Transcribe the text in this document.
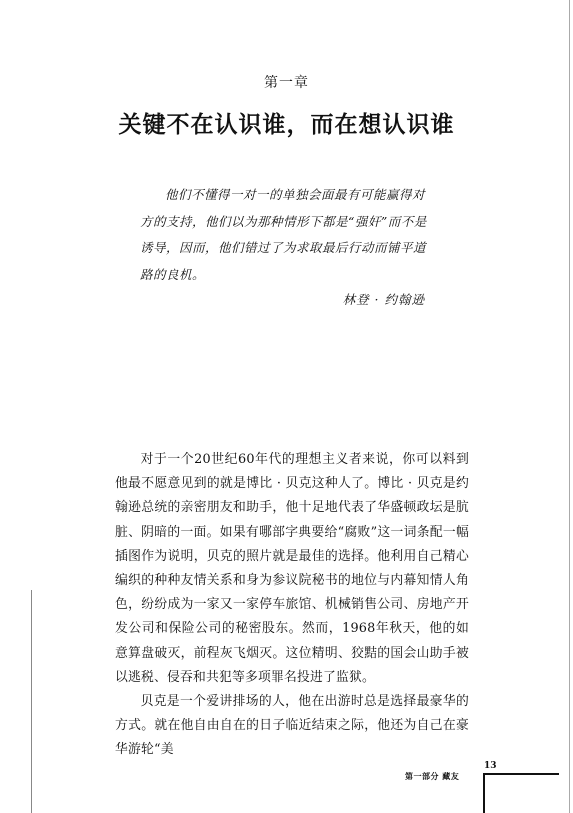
第一章
关键不在认识谁，而在想认识谁

他们不懂得一对一的单独会面最有可能赢得对方的支持，他们以为那种情形下都是“强奸”而不是诱导，因而，他们错过了为求取最后行动而铺平道路的良机。

林登 · 约翰逊

对于一个20世纪60年代的理想主义者来说，你可以料到他最不愿意见到的就是博比 · 贝克这种人了。博比 · 贝克是约翰逊总统的亲密朋友和助手，他十足地代表了华盛顿政坛是肮脏、阴暗的一面。如果有哪部字典要给“腐败”这一词条配一幅插图作为说明，贝克的照片就是最佳的选择。他利用自己精心编织的种种友情关系和身为参议院秘书的地位与内幕知情人角色，纷纷成为一家又一家停车旅馆、机械销售公司、房地产开发公司和保险公司的秘密股东。然而，1968年秋天，他的如意算盘破灭，前程灰飞烟灭。这位精明、狡黠的国会山助手被以逃税、侵吞和共犯等多项罪名投进了监狱。

贝克是一个爱讲排场的人，他在出游时总是选择最豪华的方式。就在他自由自在的日子临近结束之际，他还为自己在豪华游轮“美

第一部分 藏友
13
